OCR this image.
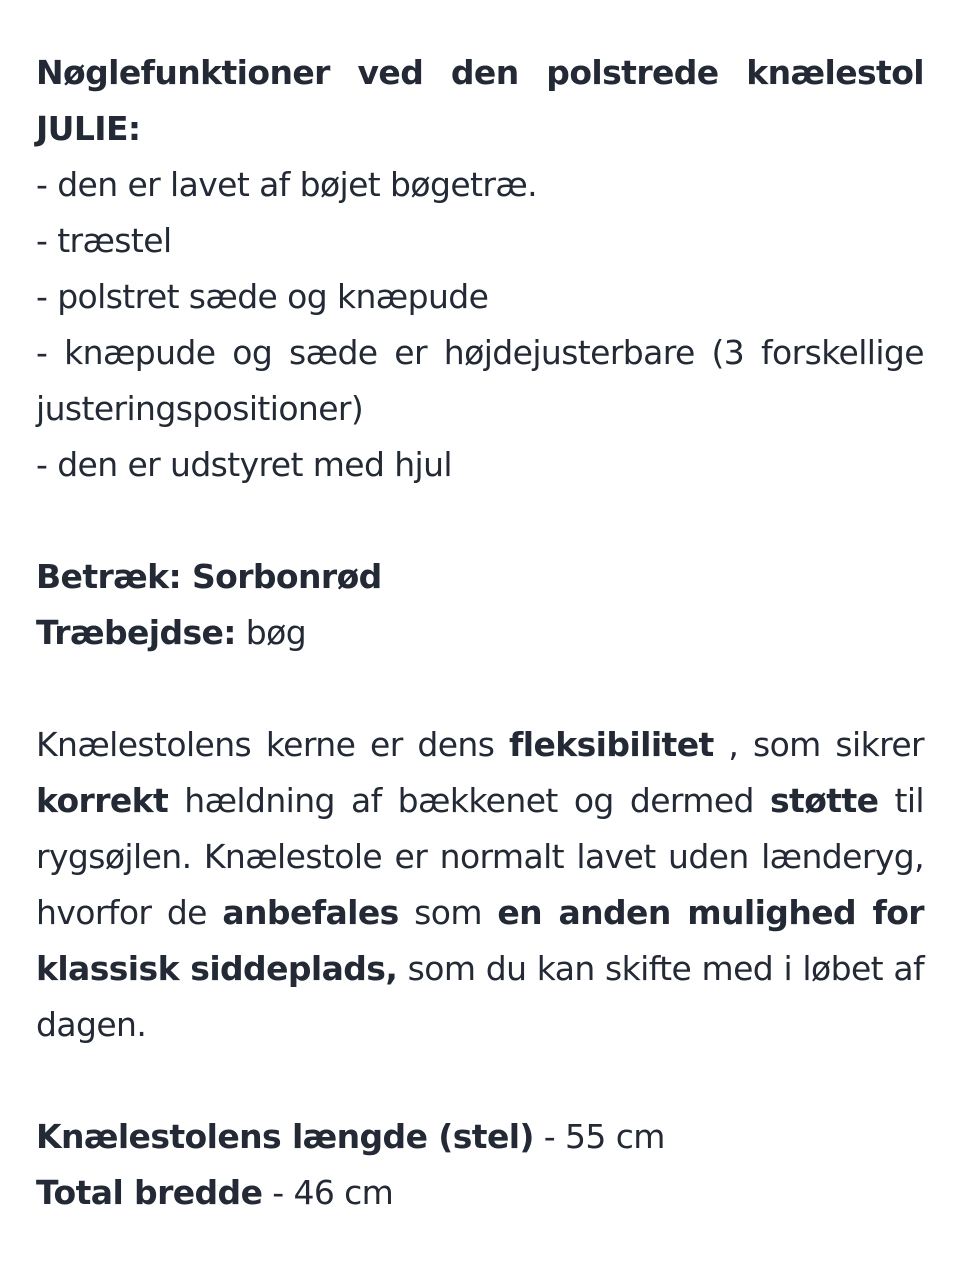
Nøglefunktioner ved den polstrede knælestol JULIE:

- den er lavet af bøjet bøgetræ.

- træstel

- polstret sæde og knæpude

- knæpude og sæde er højdejusterbare (3 forskellige justeringspositioner)

- den er udstyret med hjul

Betræk: Sorbonrød

Træbejdse: bøg

Knælestolens kerne er dens fleksibilitet , som sikrer korrekt hældning af bækkenet og dermed støtte til rygsøjlen. Knælestole er normalt lavet uden lænderyg, hvorfor de anbefales som en anden mulighed for klassisk siddeplads, som du kan skifte med i løbet af dagen.

Knælestolens længde (stel) - 55 cm

Total bredde - 46 cm
